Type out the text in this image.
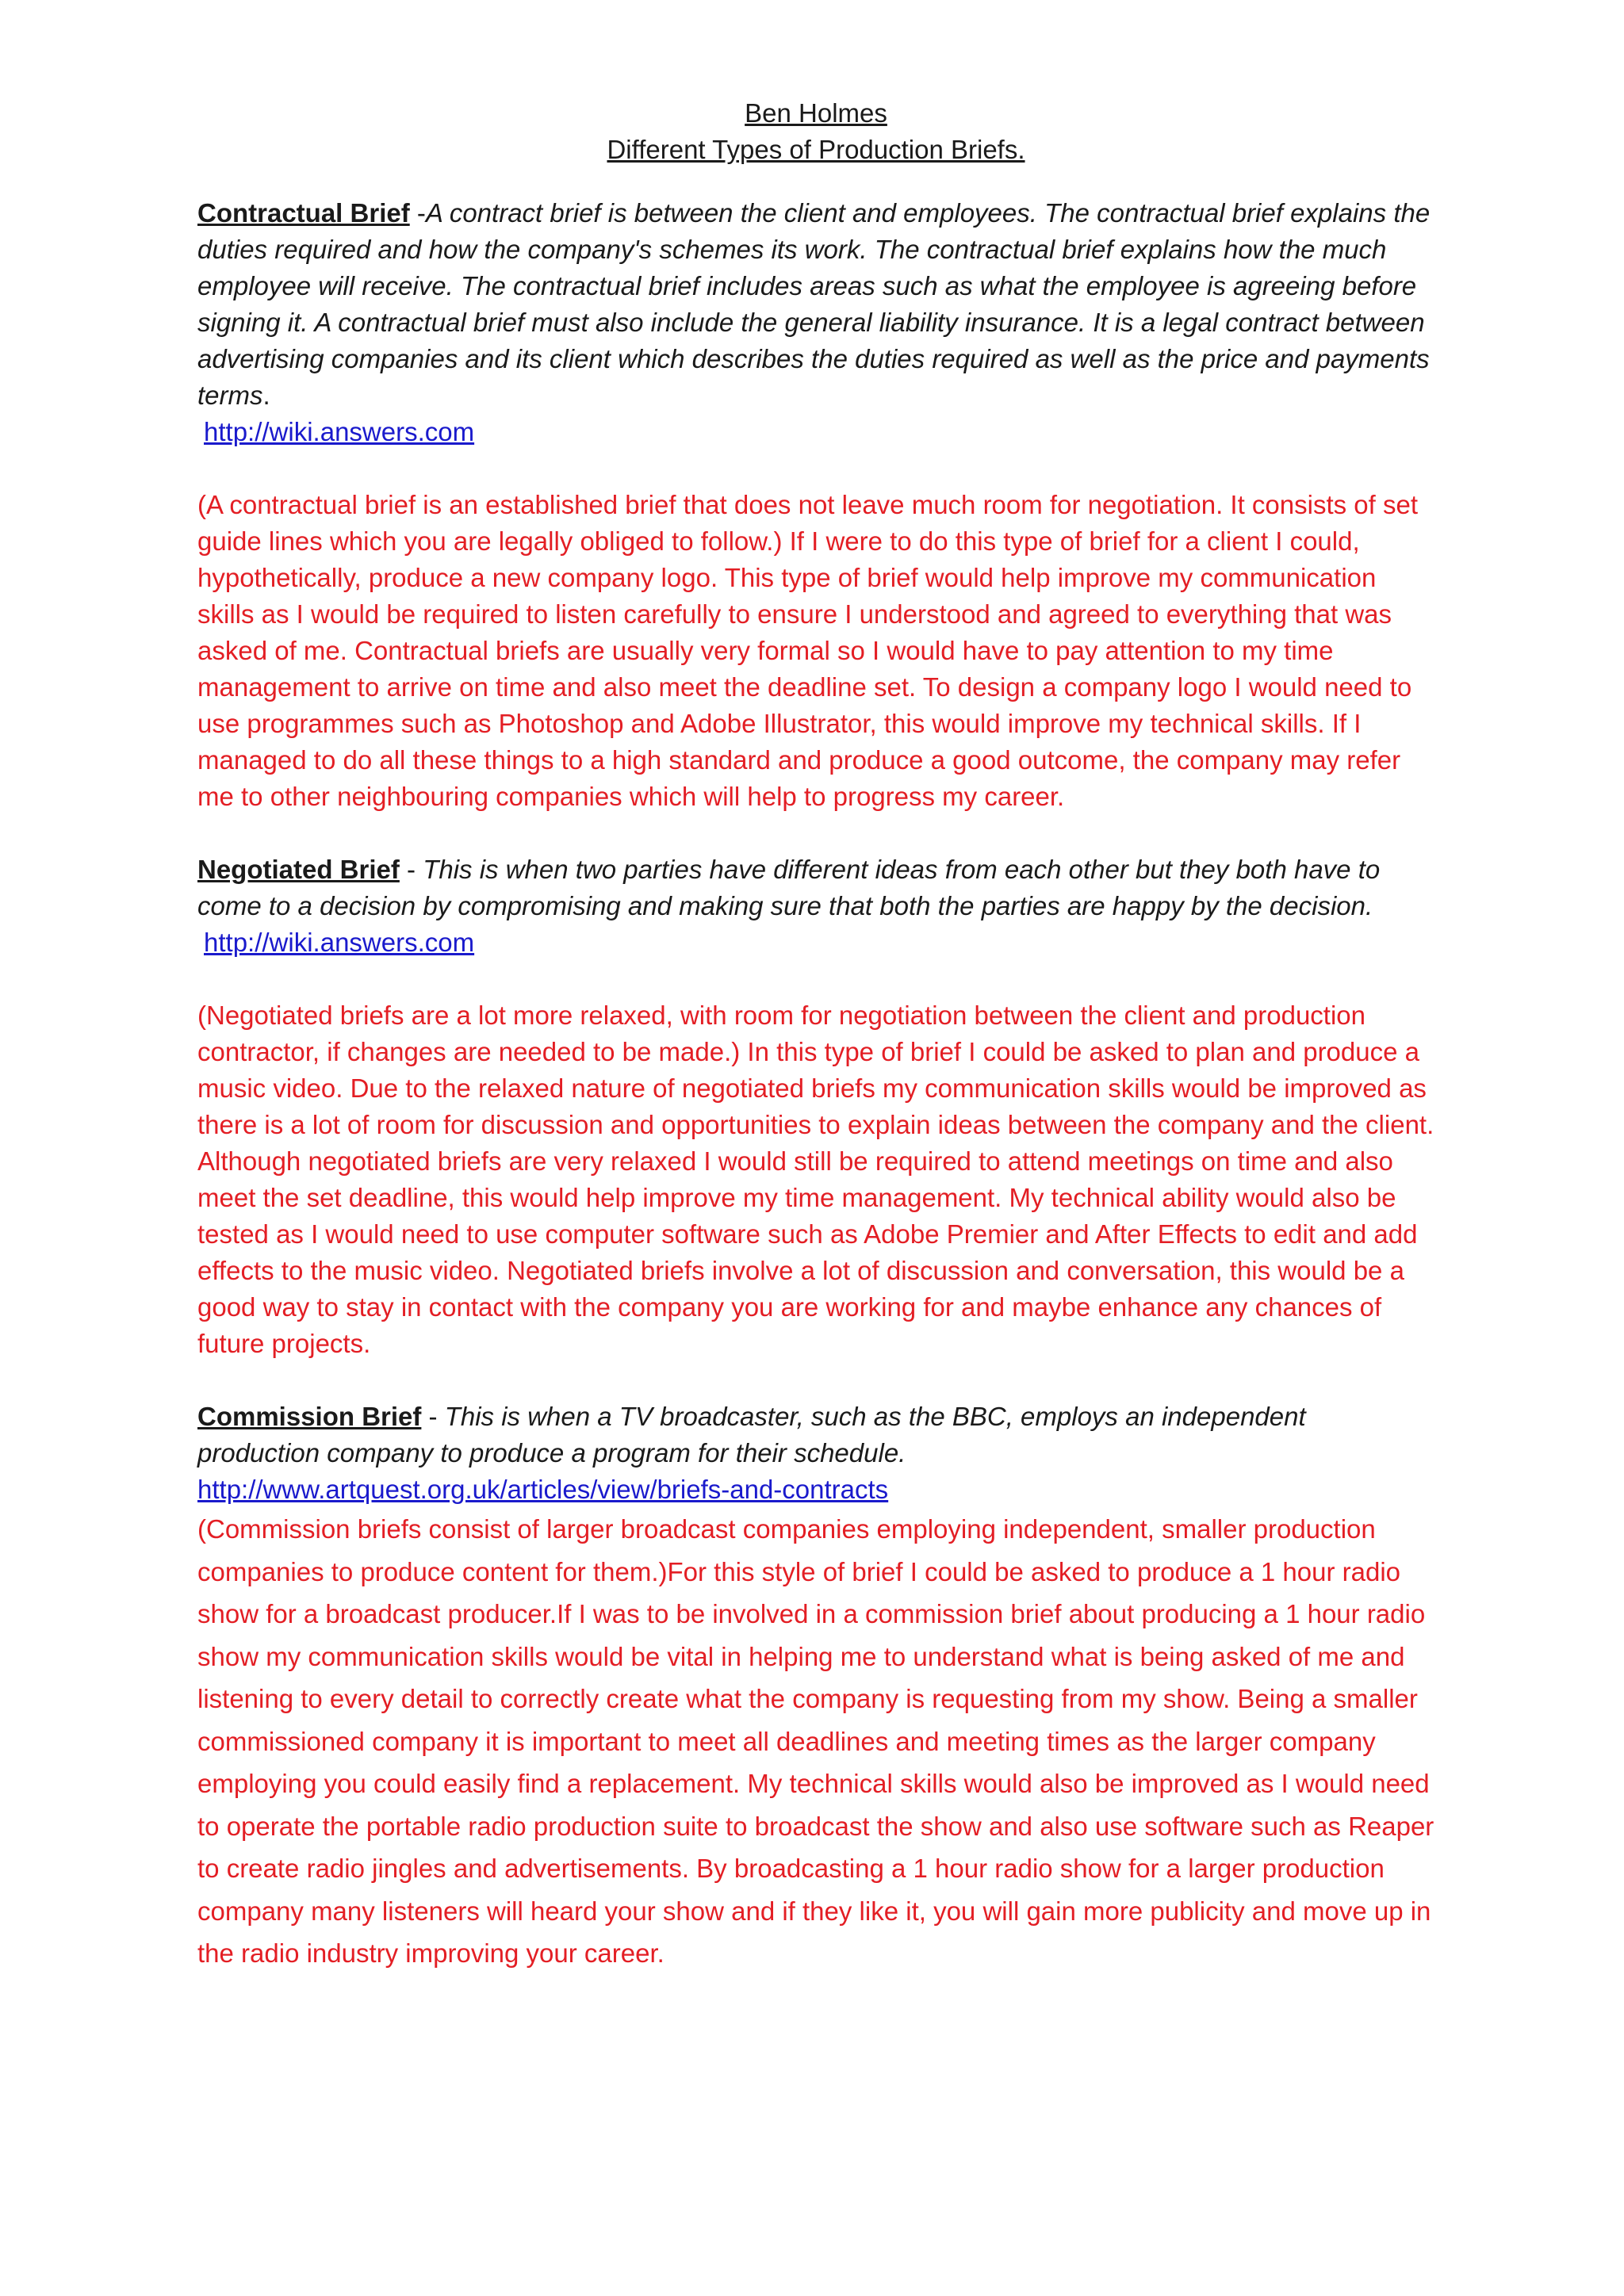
Ben Holmes
Different Types of Production Briefs.
Contractual Brief -A contract brief is between the client and employees. The contractual brief explains the duties required and how the company's schemes its work. The contractual brief explains how the much employee will receive. The contractual brief includes areas such as what the employee is agreeing before signing it. A contractual brief must also include the general liability insurance. It is a legal contract between advertising companies and its client which describes the duties required as well as the price and payments terms.
http://wiki.answers.com
(A contractual brief is an established brief that does not leave much room for negotiation. It consists of set guide lines which you are legally obliged to follow.) If I were to do this type of brief for a client I could, hypothetically, produce a new company logo. This type of brief would help improve my communication skills as I would be required to listen carefully to ensure I understood and agreed to everything that was asked of me. Contractual briefs are usually very formal so I would have to pay attention to my time management to arrive on time and also meet the deadline set. To design a company logo I would need to use programmes such as Photoshop and Adobe Illustrator, this would improve my technical skills. If I managed to do all these things to a high standard and produce a good outcome, the company may refer me to other neighbouring companies which will help to progress my career.
Negotiated Brief - This is when two parties have different ideas from each other but they both have to come to a decision by compromising and making sure that both the parties are happy by the decision.
http://wiki.answers.com
(Negotiated briefs are a lot more relaxed, with room for negotiation between the client and production contractor, if changes are needed to be made.) In this type of brief I could be asked to plan and produce a music video. Due to the relaxed nature of negotiated briefs my communication skills would be improved as there is a lot of room for discussion and opportunities to explain ideas between the company and the client. Although negotiated briefs are very relaxed I would still be required to attend meetings on time and also meet the set deadline, this would help improve my time management. My technical ability would also be tested as I would need to use computer software such as Adobe Premier and After Effects to edit and add effects to the music video. Negotiated briefs involve a lot of discussion and conversation, this would be a good way to stay in contact with the company you are working for and maybe enhance any chances of future projects.
Commission Brief - This is when a TV broadcaster, such as the BBC, employs an independent production company to produce a program for their schedule.
http://www.artquest.org.uk/articles/view/briefs-and-contracts
(Commission briefs consist of larger broadcast companies employing independent, smaller production companies to produce content for them.)For this style of brief I could be asked to produce a 1 hour radio show for a broadcast producer.If I was to be involved in a commission brief about producing a 1 hour radio show my communication skills would be vital in helping me to understand what is being asked of me and listening to every detail to correctly create what the company is requesting from my show. Being a smaller commissioned company it is important to meet all deadlines and meeting times as the larger company employing you could easily find a replacement. My technical skills would also be improved as I would need to operate the portable radio production suite to broadcast the show and also use software such as Reaper to create radio jingles and advertisements. By broadcasting a 1 hour radio show for a larger production company many listeners will heard your show and if they like it, you will gain more publicity and move up in the radio industry improving your career.
